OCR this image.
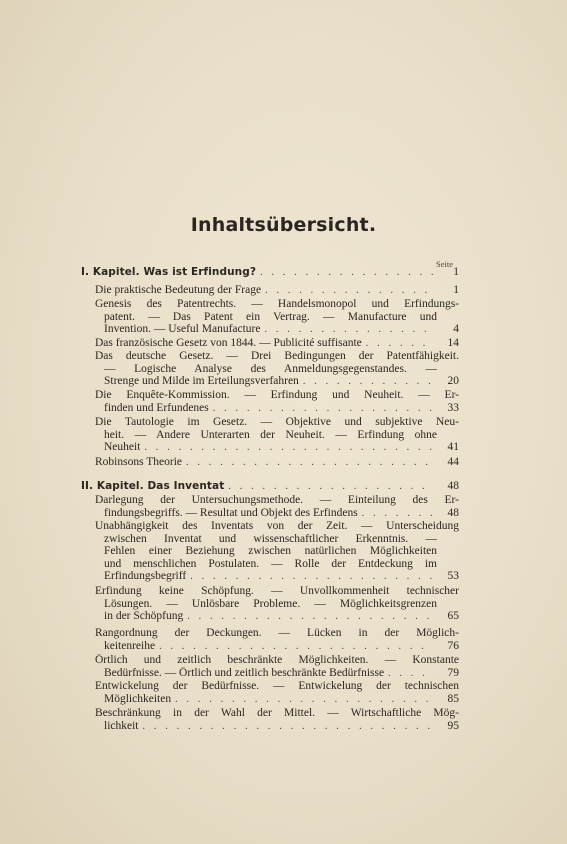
Inhaltsübersicht.
Seite
I. Kapitel. Was ist Erfindung? . . .	1
Die praktische Bedeutung der Frage . . .	1
Genesis des Patentrechts. — Handelsmonopol und Erfindungs-
patent. — Das Patent ein Vertrag. — Manufacture und
Invention. — Useful Manufacture . . .	4
Das französische Gesetz von 1844. — Publicité suffisante . . .	14
Das deutsche Gesetz. — Drei Bedingungen der Patentfähigkeit.
— Logische Analyse des Anmeldungsgegenstandes. —
Strenge und Milde im Erteilungsverfahren . . .	20
Die Enquête-Kommission. — Erfindung und Neuheit. — Er-
finden und Erfundenes . . .	33
Die Tautologie im Gesetz. — Objektive und subjektive Neu-
heit. — Andere Unterarten der Neuheit. — Erfindung ohne
Neuheit . . .	41
Robinsons Theorie . . .	44
II. Kapitel. Das Inventat . . .	48
Darlegung der Untersuchungsmethode. — Einteilung des Er-
findungsbegriffs. — Resultat und Objekt des Erfindens . . .	48
Unabhängigkeit des Inventats von der Zeit. — Unterscheidung
zwischen Inventat und wissenschaftlicher Erkenntnis. —
Fehlen einer Beziehung zwischen natürlichen Möglichkeiten
und menschlichen Postulaten. — Rolle der Entdeckung im
Erfindungsbegriff . . .	53
Erfindung keine Schöpfung. — Unvollkommenheit technischer
Lösungen. — Unlösbare Probleme. — Möglichkeitsgrenzen
in der Schöpfung . . .	65
Rangordnung der Deckungen. — Lücken in der Möglich-
keitenreihe . . .	76
Örtlich und zeitlich beschränkte Möglichkeiten. — Konstante
Bedürfnisse. — Örtlich und zeitlich beschränkte Bedürfnisse . . .	79
Entwickelung der Bedürfnisse. — Entwickelung der technischen
Möglichkeiten . . .	85
Beschränkung in der Wahl der Mittel. — Wirtschaftliche Mög-
lichkeit . . .	95
